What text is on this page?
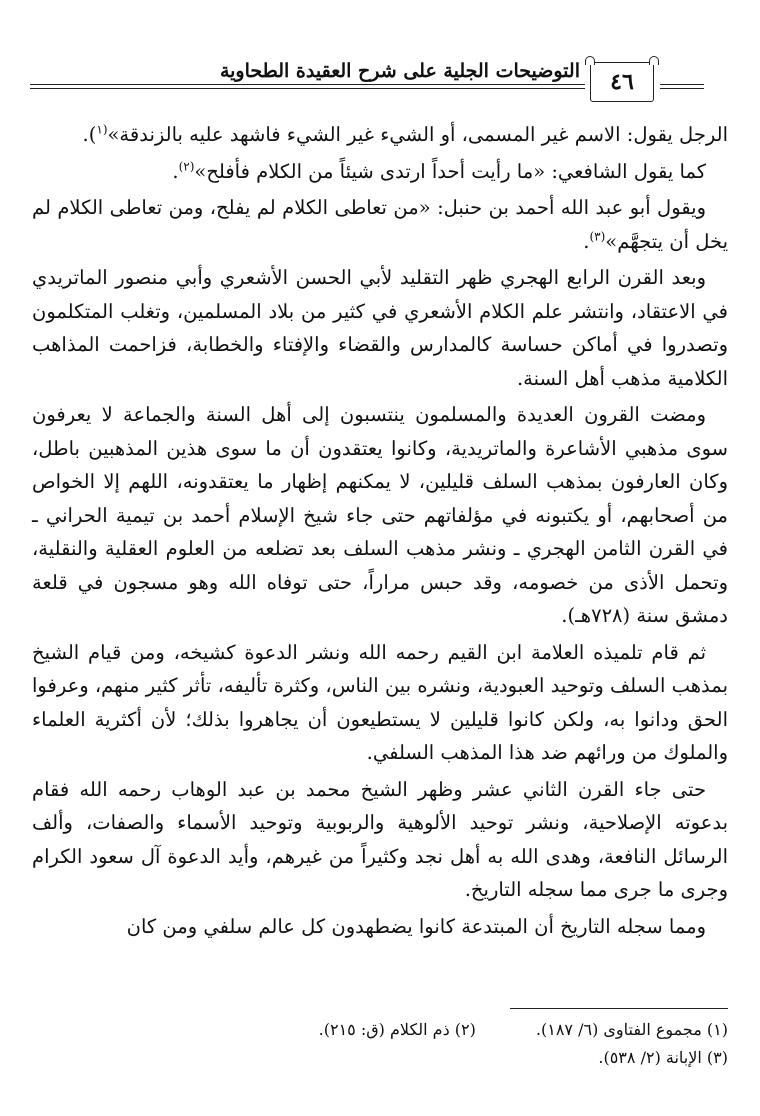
التوضيحات الجلية على شرح العقيدة الطحاوية ٤٦

الرجل يقول: الاسم غير المسمى، أو الشيء غير الشيء فاشهد عليه بالزندقة»$^{(١}$).

كما يقول الشافعي: «ما رأيت أحداً ارتدى شيئاً من الكلام فأفلح»$^{(٢)}$.

ويقول أبو عبد الله أحمد بن حنبل: «من تعاطى الكلام لم يفلح، ومن تعاطى الكلام لم يخل أن يتجهَّم»$^{(٣)}$.

وبعد القرن الرابع الهجري ظهر التقليد لأبي الحسن الأشعري وأبي منصور الماتريدي في الاعتقاد، وانتشر علم الكلام الأشعري في كثير من بلاد المسلمين، وتغلب المتكلمون وتصدروا في أماكن حساسة كالمدارس والقضاء والإفتاء والخطابة، فزاحمت المذاهب الكلامية مذهب أهل السنة.

ومضت القرون العديدة والمسلمون ينتسبون إلى أهل السنة والجماعة لا يعرفون سوى مذهبي الأشاعرة والماتريدية، وكانوا يعتقدون أن ما سوى هذين المذهبين باطل، وكان العارفون بمذهب السلف قليلين، لا يمكنهم إظهار ما يعتقدونه، اللهم إلا الخواص من أصحابهم، أو يكتبونه في مؤلفاتهم حتى جاء شيخ الإسلام أحمد بن تيمية الحراني ـ في القرن الثامن الهجري ـ ونشر مذهب السلف بعد تضلعه من العلوم العقلية والنقلية، وتحمل الأذى من خصومه، وقد حبس مراراً، حتى توفاه الله وهو مسجون في قلعة دمشق سنة (٧٢٨هـ).

ثم قام تلميذه العلامة ابن القيم رحمه الله ونشر الدعوة كشيخه، ومن قيام الشيخ بمذهب السلف وتوحيد العبودية، ونشره بين الناس، وكثرة تأليفه، تأثر كثير منهم، وعرفوا الحق ودانوا به، ولكن كانوا قليلين لا يستطيعون أن يجاهروا بذلك؛ لأن أكثرية العلماء والملوك من ورائهم ضد هذا المذهب السلفي.

حتى جاء القرن الثاني عشر وظهر الشيخ محمد بن عبد الوهاب رحمه الله فقام بدعوته الإصلاحية، ونشر توحيد الألوهية والربوبية وتوحيد الأسماء والصفات، وألف الرسائل النافعة، وهدى الله به أهل نجد وكثيراً من غيرهم، وأيد الدعوة آل سعود الكرام وجرى ما جرى مما سجله التاريخ.

ومما سجله التاريخ أن المبتدعة كانوا يضطهدون كل عالم سلفي ومن كان

(١) مجموع الفتاوى (٦/ ١٨٧).
(٢) ذم الكلام (ق: ٢١٥).
(٣) الإبانة (٢/ ٥٣٨).
